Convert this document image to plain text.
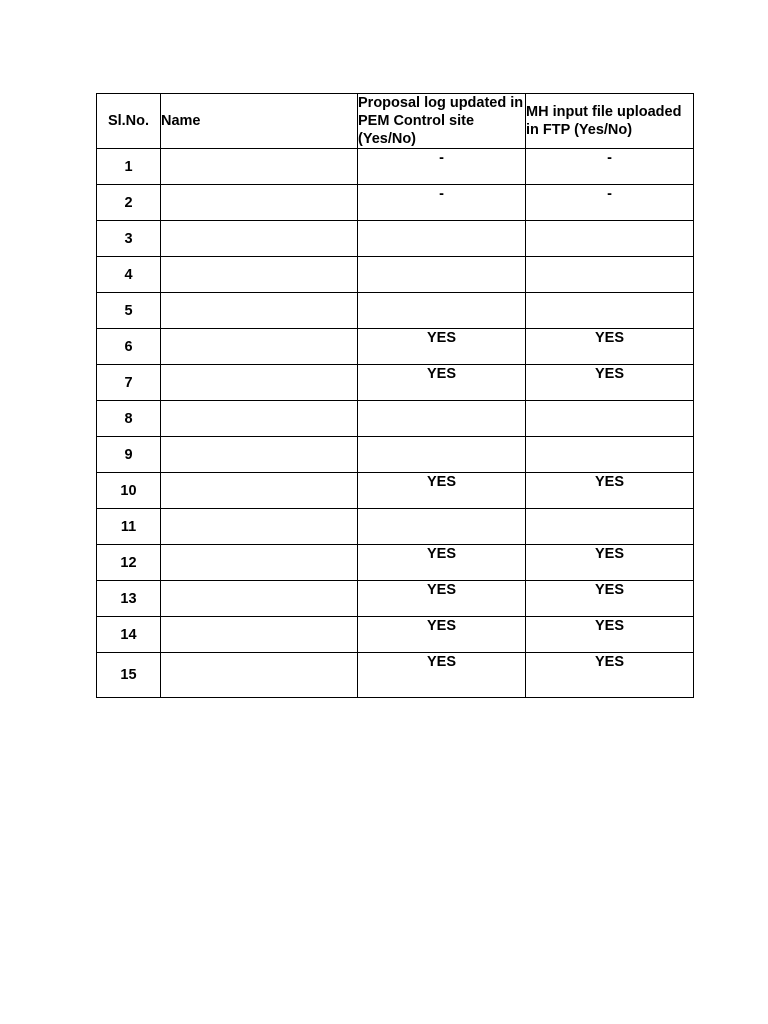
Sl.No.	Name	Proposal log updated in PEM Control site (Yes/No)	MH input file uploaded in FTP (Yes/No)
1		-	-
2		-	-
3			
4			
5			
6		YES	YES
7		YES	YES
8			
9			
10		YES	YES
11			
12		YES	YES
13		YES	YES
14		YES	YES
15		YES	YES
